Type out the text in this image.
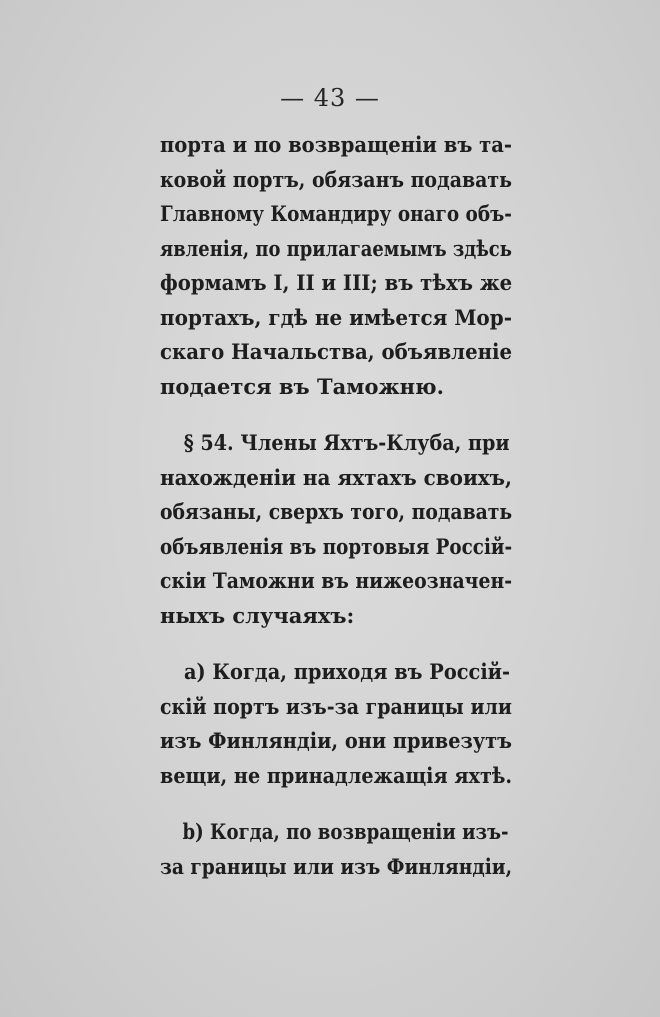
— 43 —
порта и по возвращеніи въ та-
ковой портъ, обязанъ подавать
Главному Командиру онаго объ-
явленія, по прилагаемымъ здѣсь
формамъ I, II и III; въ тѣхъ же
портахъ, гдѣ не имѣется Мор-
скаго Начальства, объявленіе
подается въ Таможню.
§ 54. Члены Яхтъ-Клуба, при
нахожденіи на яхтахъ своихъ,
обязаны, сверхъ того, подавать
объявленія въ портовыя Россій-
скіи Таможни въ нижеозначен-
ныхъ случаяхъ:
а) Когда, приходя въ Россій-
скій портъ изъ-за границы или
изъ Финляндіи, они привезутъ
вещи, не принадлежащія яхтѣ.
b) Когда, по возвращеніи изъ-
за границы или изъ Финляндіи,
